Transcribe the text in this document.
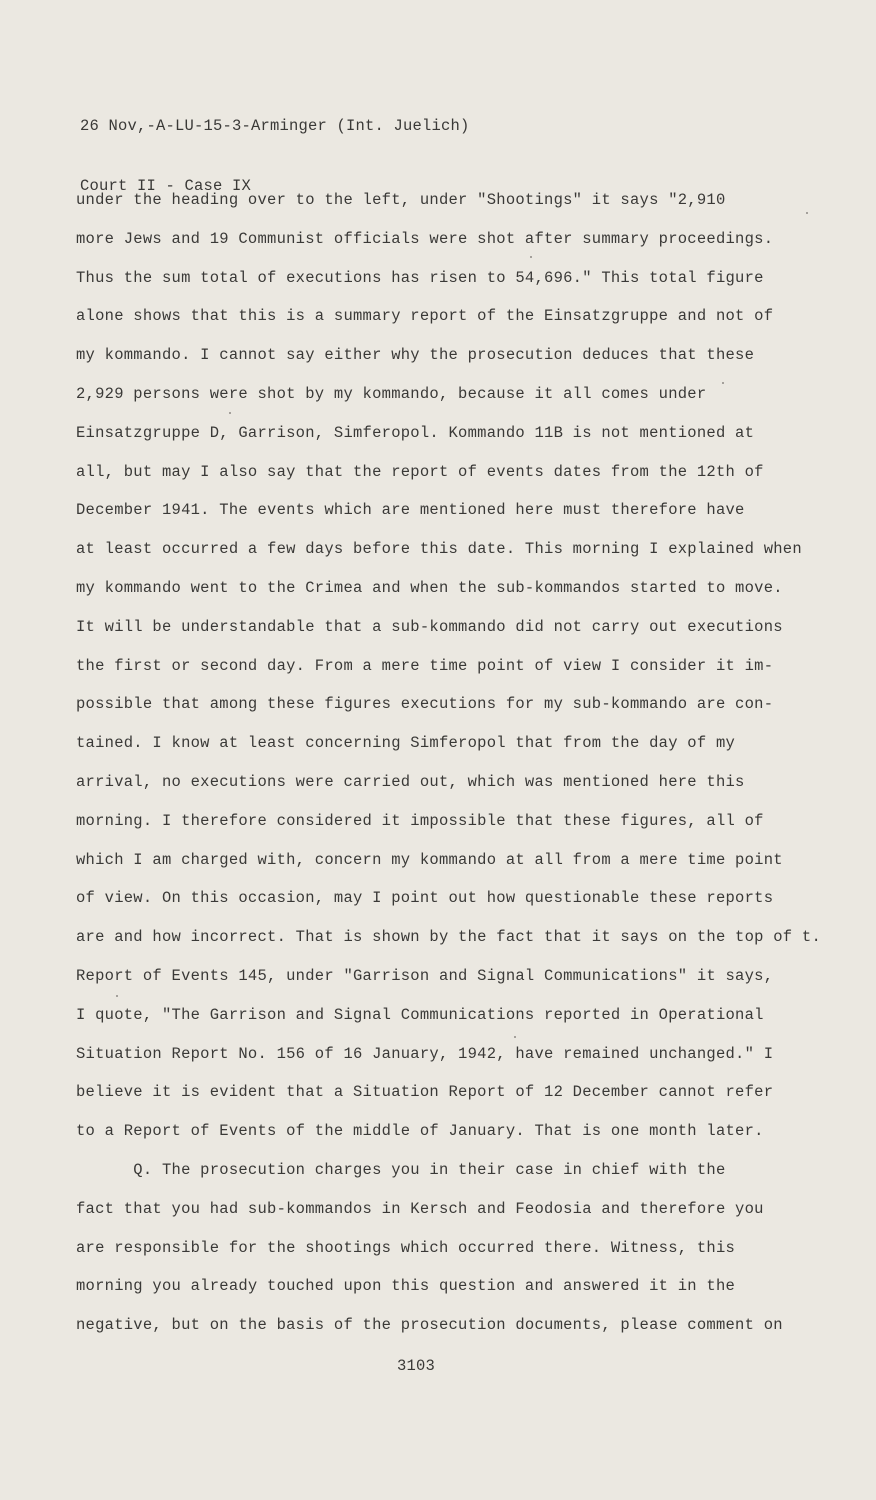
26 Nov,-A-LU-15-3-Arminger (Int. Juelich)

Court II - Case IX

under the heading over to the left, under "Shootings" it says "2,910
more Jews and 19 Communist officials were shot after summary proceedings.
Thus the sum total of executions has risen to 54,696." This total figure
alone shows that this is a summary report of the Einsatzgruppe and not of
my kommando. I cannot say either why the prosecution deduces that these
2,929 persons were shot by my kommando, because it all comes under
Einsatzgruppe D, Garrison, Simferopol. Kommando 11B is not mentioned at
all, but may I also say that the report of events dates from the 12th of
December 1941. The events which are mentioned here must therefore have
at least occurred a few days before this date. This morning I explained when
my kommando went to the Crimea and when the sub-kommandos started to move.
It will be understandable that a sub-kommando did not carry out executions
the first or second day. From a mere time point of view I consider it im-
possible that among these figures executions for my sub-kommando are con-
tained. I know at least concerning Simferopol that from the day of my
arrival, no executions were carried out, which was mentioned here this
morning. I therefore considered it impossible that these figures, all of
which I am charged with, concern my kommando at all from a mere time point
of view. On this occasion, may I point out how questionable these reports
are and how incorrect. That is shown by the fact that it says on the top of t.
Report of Events 145, under "Garrison and Signal Communications" it says,
I quote, "The Garrison and Signal Communications reported in Operational
Situation Report No. 156 of 16 January, 1942, have remained unchanged." I
believe it is evident that a Situation Report of 12 December cannot refer
to a Report of Events of the middle of January. That is one month later.
Q. The prosecution charges you in their case in chief with the
fact that you had sub-kommandos in Kersch and Feodosia and therefore you
are responsible for the shootings which occurred there. Witness, this
morning you already touched upon this question and answered it in the
negative, but on the basis of the prosecution documents, please comment on
3103
